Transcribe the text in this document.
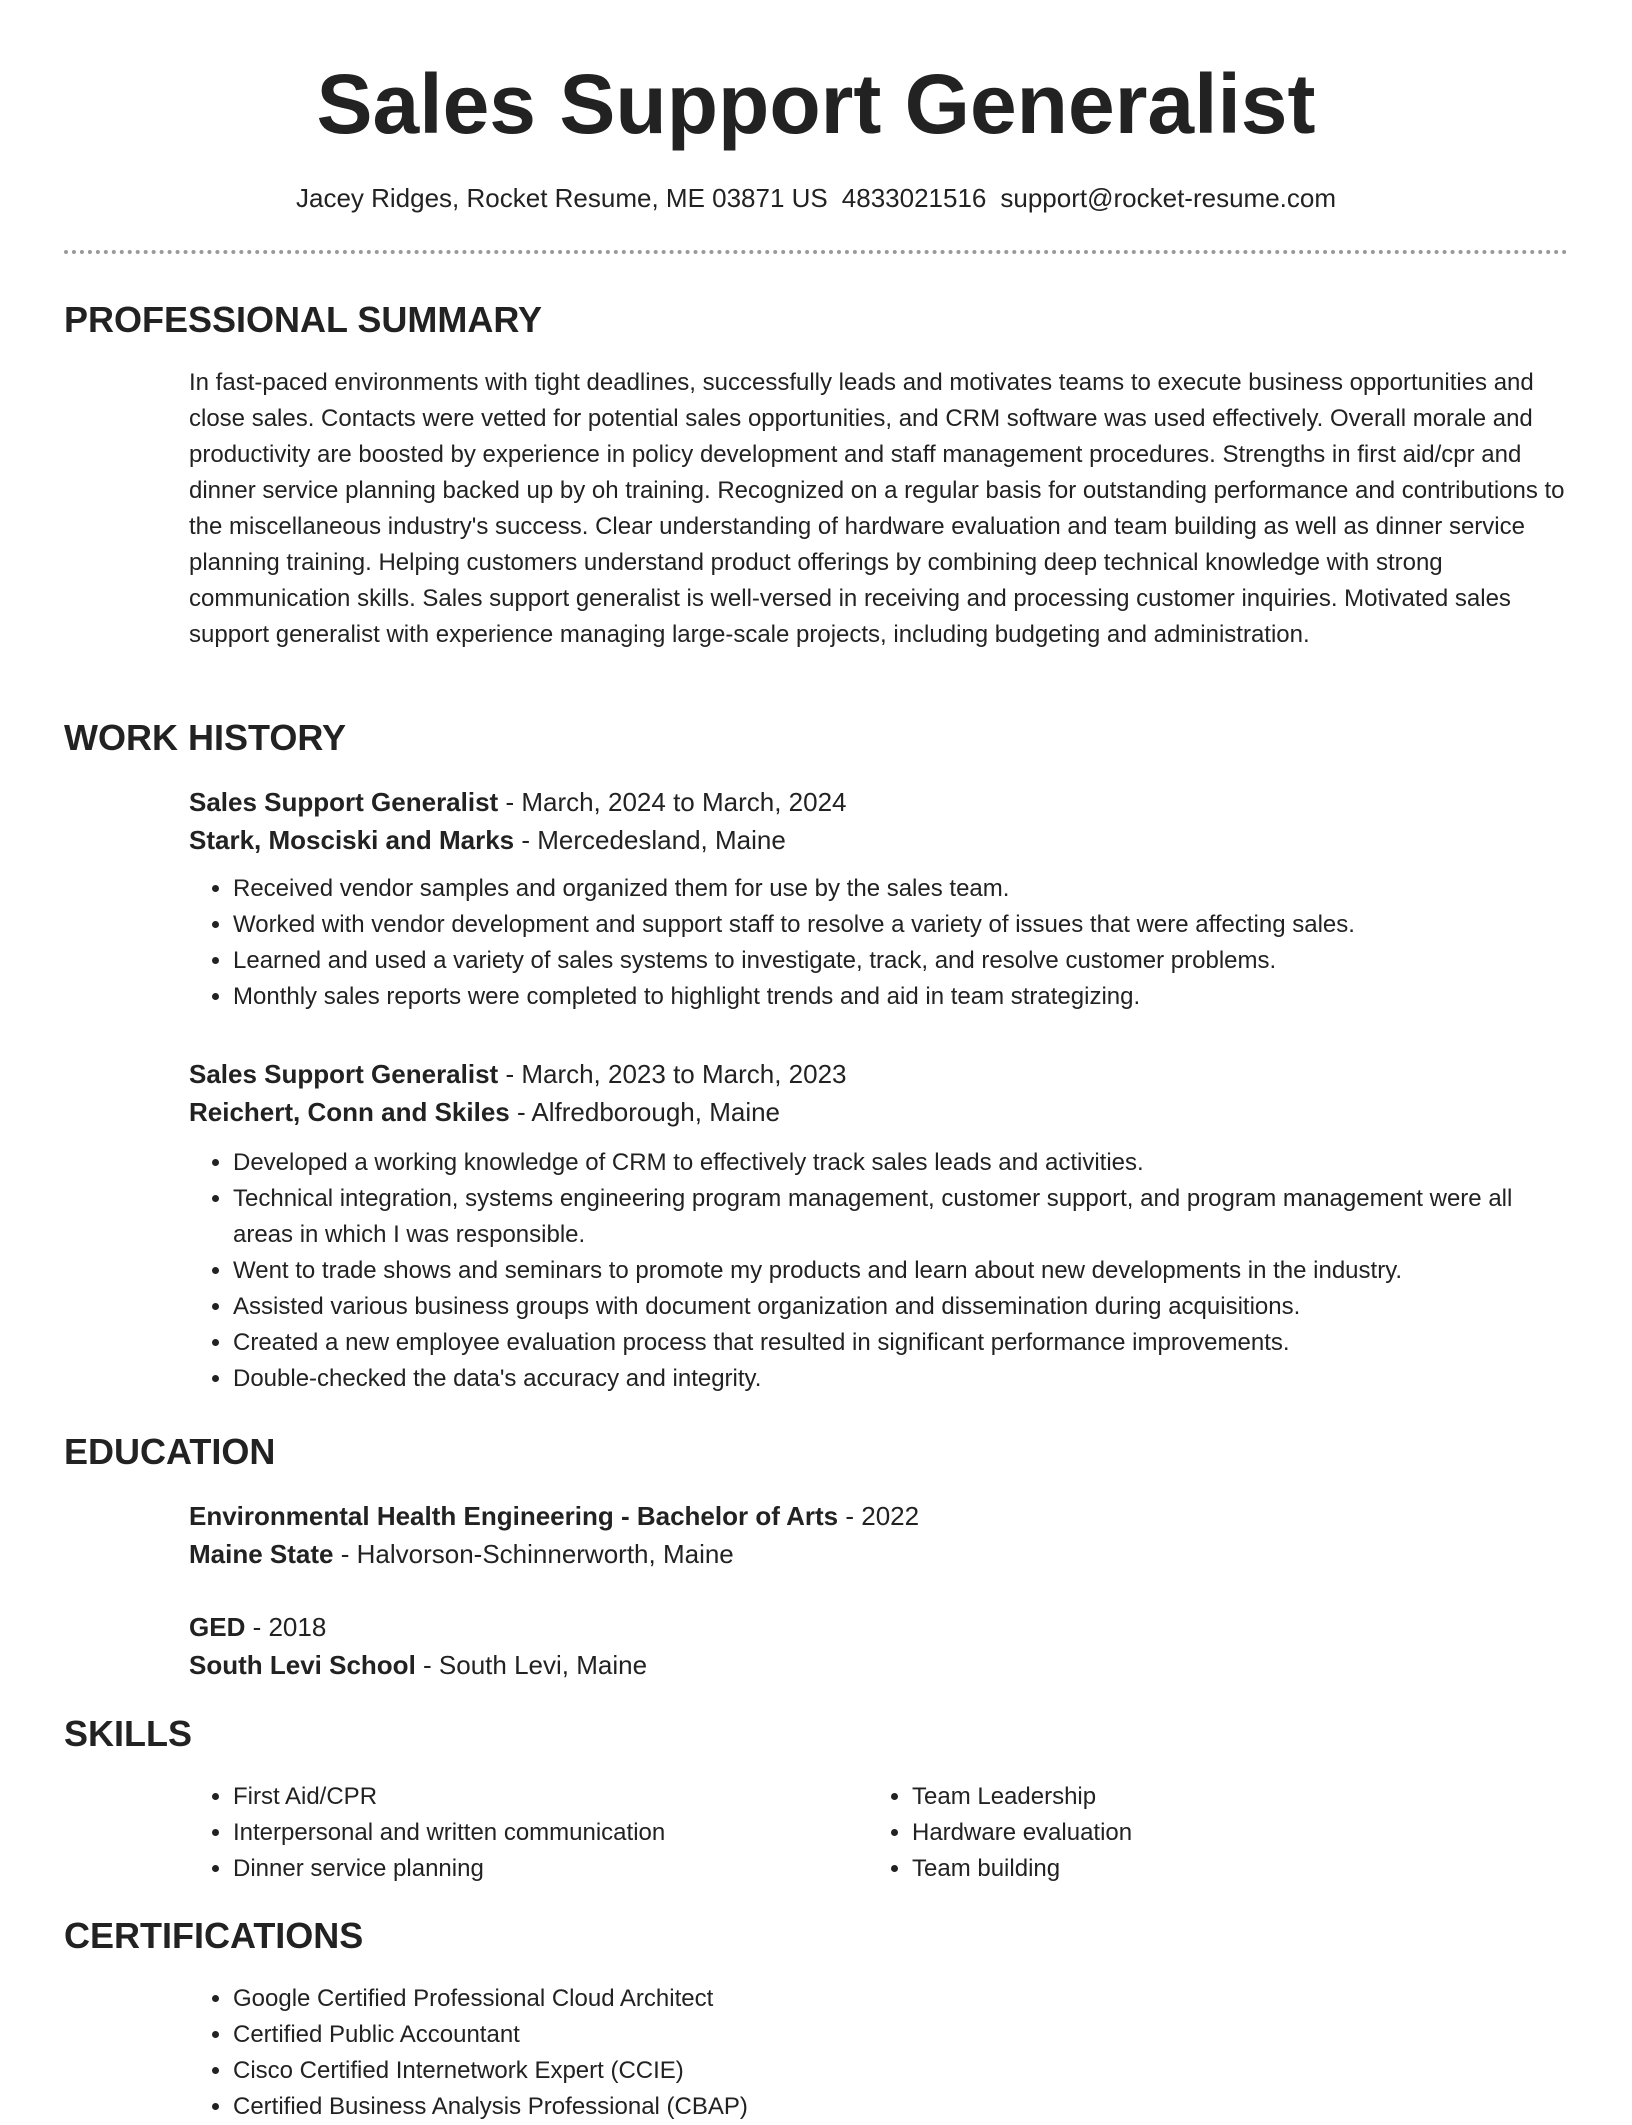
Sales Support Generalist
Jacey Ridges, Rocket Resume, ME 03871 US 4833021516 support@rocket-resume.com
PROFESSIONAL SUMMARY

In fast-paced environments with tight deadlines, successfully leads and motivates teams to execute business opportunities and close sales. Contacts were vetted for potential sales opportunities, and CRM software was used effectively. Overall morale and productivity are boosted by experience in policy development and staff management procedures. Strengths in first aid/cpr and dinner service planning backed up by oh training. Recognized on a regular basis for outstanding performance and contributions to the miscellaneous industry's success. Clear understanding of hardware evaluation and team building as well as dinner service planning training. Helping customers understand product offerings by combining deep technical knowledge with strong communication skills. Sales support generalist is well-versed in receiving and processing customer inquiries. Motivated sales support generalist with experience managing large-scale projects, including budgeting and administration.

WORK HISTORY

Sales Support Generalist - March, 2024 to March, 2024

Stark, Mosciski and Marks - Mercedesland, Maine

• Received vendor samples and organized them for use by the sales team.
• Worked with vendor development and support staff to resolve a variety of issues that were affecting sales.
• Learned and used a variety of sales systems to investigate, track, and resolve customer problems.
• Monthly sales reports were completed to highlight trends and aid in team strategizing.

Sales Support Generalist - March, 2023 to March, 2023

Reichert, Conn and Skiles - Alfredborough, Maine

• Developed a working knowledge of CRM to effectively track sales leads and activities.
• Technical integration, systems engineering program management, customer support, and program management were all areas in which I was responsible.
• Went to trade shows and seminars to promote my products and learn about new developments in the industry.
• Assisted various business groups with document organization and dissemination during acquisitions.
• Created a new employee evaluation process that resulted in significant performance improvements.
• Double-checked the data's accuracy and integrity.
EDUCATION

Environmental Health Engineering - Bachelor of Arts - 2022

Maine State - Halvorson-Schinnerworth, Maine

GED - 2018

South Levi School - South Levi, Maine

SKILLS
• First Aid/CPR
• Interpersonal and written communication
• Dinner service planning
• Team Leadership
• Hardware evaluation
• Team building
CERTIFICATIONS
• Google Certified Professional Cloud Architect
• Certified Public Accountant
• Cisco Certified Internetwork Expert (CCIE)
• Certified Business Analysis Professional (CBAP)
